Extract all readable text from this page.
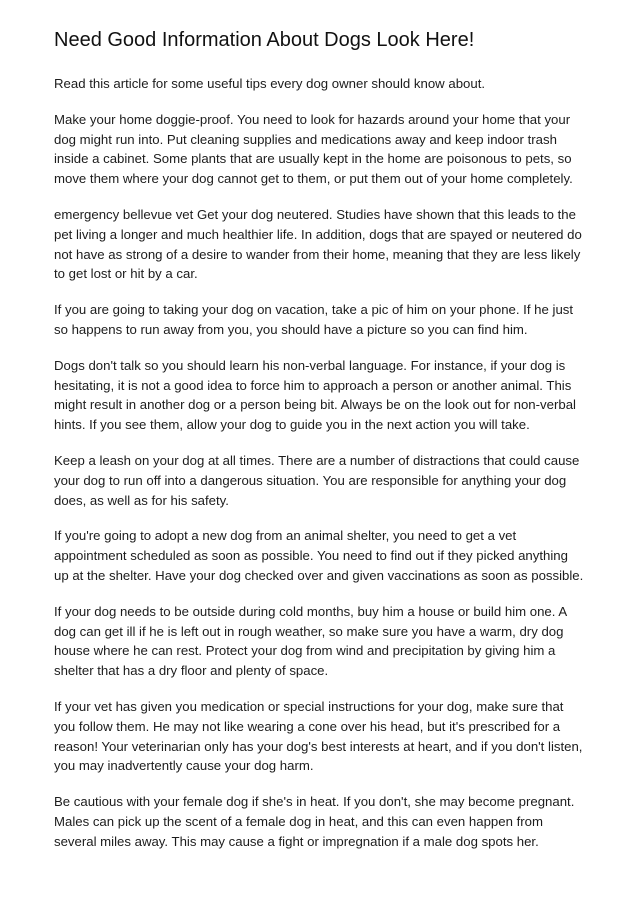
Need Good Information About Dogs Look Here!

Read this article for some useful tips every dog owner should know about.

Make your home doggie-proof. You need to look for hazards around your home that your dog might run into. Put cleaning supplies and medications away and keep indoor trash inside a cabinet. Some plants that are usually kept in the home are poisonous to pets, so move them where your dog cannot get to them, or put them out of your home completely.

emergency bellevue vet Get your dog neutered. Studies have shown that this leads to the pet living a longer and much healthier life. In addition, dogs that are spayed or neutered do not have as strong of a desire to wander from their home, meaning that they are less likely to get lost or hit by a car.

If you are going to taking your dog on vacation, take a pic of him on your phone. If he just so happens to run away from you, you should have a picture so you can find him.

Dogs don't talk so you should learn his non-verbal language. For instance, if your dog is hesitating, it is not a good idea to force him to approach a person or another animal. This might result in another dog or a person being bit. Always be on the look out for non-verbal hints. If you see them, allow your dog to guide you in the next action you will take.

Keep a leash on your dog at all times. There are a number of distractions that could cause your dog to run off into a dangerous situation. You are responsible for anything your dog does, as well as for his safety.

If you're going to adopt a new dog from an animal shelter, you need to get a vet appointment scheduled as soon as possible. You need to find out if they picked anything up at the shelter. Have your dog checked over and given vaccinations as soon as possible.

If your dog needs to be outside during cold months, buy him a house or build him one. A dog can get ill if he is left out in rough weather, so make sure you have a warm, dry dog house where he can rest. Protect your dog from wind and precipitation by giving him a shelter that has a dry floor and plenty of space.

If your vet has given you medication or special instructions for your dog, make sure that you follow them. He may not like wearing a cone over his head, but it's prescribed for a reason! Your veterinarian only has your dog's best interests at heart, and if you don't listen, you may inadvertently cause your dog harm.

Be cautious with your female dog if she's in heat. If you don't, she may become pregnant. Males can pick up the scent of a female dog in heat, and this can even happen from several miles away. This may cause a fight or impregnation if a male dog spots her.
